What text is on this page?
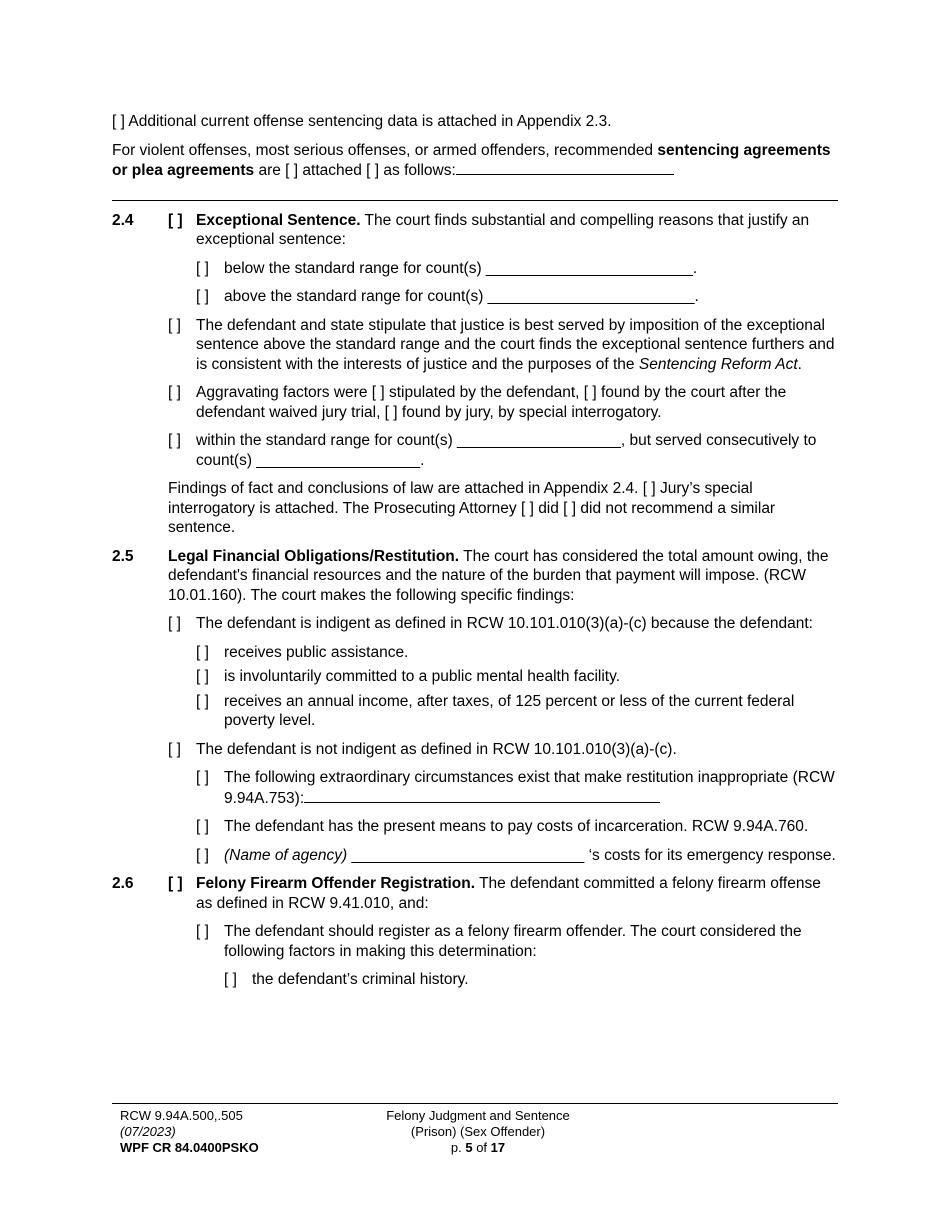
[ ] Additional current offense sentencing data is attached in Appendix 2.3.

For violent offenses, most serious offenses, or armed offenders, recommended sentencing agreements or plea agreements are [ ] attached [ ] as follows:

2.4	[ ] Exceptional Sentence. The court finds substantial and compelling reasons that justify an exceptional sentence:
[ ] below the standard range for count(s) ________________________.
[ ] above the standard range for count(s) ________________________.
[ ] The defendant and state stipulate that justice is best served by imposition of the exceptional sentence above the standard range and the court finds the exceptional sentence furthers and is consistent with the interests of justice and the purposes of the Sentencing Reform Act.
[ ] Aggravating factors were [ ] stipulated by the defendant, [ ] found by the court after the defendant waived jury trial, [ ] found by jury, by special interrogatory.
[ ] within the standard range for count(s) ___________________, but served consecutively to count(s) ___________________.

Findings of fact and conclusions of law are attached in Appendix 2.4. [ ] Jury’s special interrogatory is attached. The Prosecuting Attorney [ ] did [ ] did not recommend a similar sentence.

2.5	Legal Financial Obligations/Restitution. The court has considered the total amount owing, the defendant's financial resources and the nature of the burden that payment will impose. (RCW 10.01.160). The court makes the following specific findings:

[ ] The defendant is indigent as defined in RCW 10.101.010(3)(a)-(c) because the defendant:
[ ] receives public assistance.
[ ] is involuntarily committed to a public mental health facility.
[ ] receives an annual income, after taxes, of 125 percent or less of the current federal poverty level.
[ ] The defendant is not indigent as defined in RCW 10.101.010(3)(a)-(c).
[ ] The following extraordinary circumstances exist that make restitution inappropriate (RCW 9.94A.753):
[ ] The defendant has the present means to pay costs of incarceration. RCW 9.94A.760.
[ ] (Name of agency) ___________________________ ‘s costs for its emergency response.
2.6	[ ] Felony Firearm Offender Registration. The defendant committed a felony firearm offense as defined in RCW 9.41.010, and:
[ ] The defendant should register as a felony firearm offender. The court considered the following factors in making this determination:
[ ] the defendant’s criminal history.
RCW 9.94A.500,.505
(07/2023)
WPF CR 84.0400PSKO
Felony Judgment and Sentence
(Prison) (Sex Offender)
p. 5 of 17
